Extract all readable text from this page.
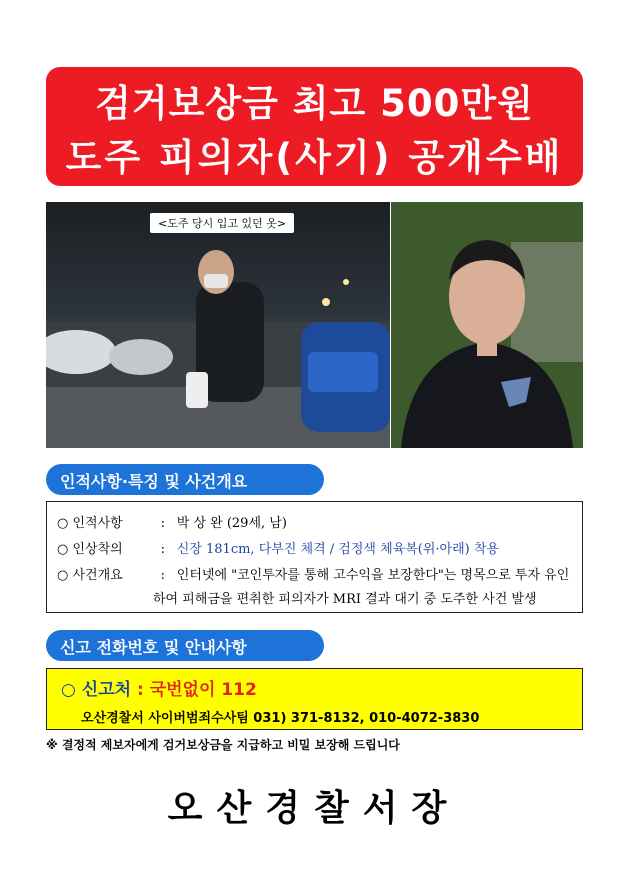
검거보상금 최고 500만원
도주 피의자(사기) 공개수배
<도주 당시 입고 있던 옷>
인적사항·특징 및 사건개요
○ 인적사항	: 박 상 완 (29세, 남)
○ 인상착의	: 신장 181cm, 다부진 체격 / 검정색 체육복(위·아래) 착용
○ 사건개요	: 인터넷에 "코인투자를 통해 고수익을 보장한다"는 명목으로 투자 유인
하여 피해금을 편취한 피의자가 MRI 결과 대기 중 도주한 사건 발생
신고 전화번호 및 안내사항
○ 신고처 : 국번없이 112
오산경찰서 사이버범죄수사팀 031) 371-8132, 010-4072-3830
※ 결정적 제보자에게 검거보상금을 지급하고 비밀 보장해 드립니다
오산경찰서장
